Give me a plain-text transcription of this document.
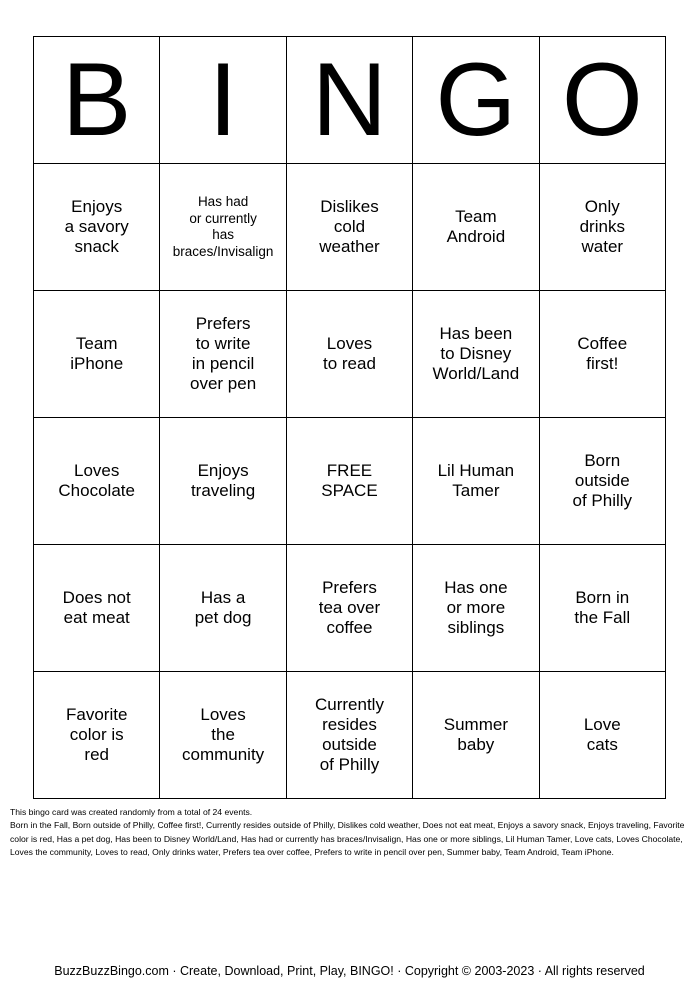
B	I	N	G	O

Enjoys
a savory
snack	Has had
or currently
has
braces/Invisalign	Dislikes
cold
weather	Team
Android	Only
drinks
water

Team
iPhone	Prefers
to write
in pencil
over pen	Loves
to read	Has been
to Disney
World/Land	Coffee
first!

Loves
Chocolate	Enjoys
traveling	FREE
SPACE	Lil Human
Tamer	Born
outside
of Philly

Does not
eat meat	Has a
pet dog	Prefers
tea over
coffee	Has one
or more
siblings	Born in
the Fall

Favorite
color is
red	Loves
the
community	Currently
resides
outside
of Philly	Summer
baby	Love
cats

This bingo card was created randomly from a total of 24 events.

Born in the Fall, Born outside of Philly, Coffee first!, Currently resides outside of Philly, Dislikes cold weather, Does not eat meat, Enjoys a savory snack, Enjoys traveling, Favorite color is red, Has a pet dog, Has been to Disney World/Land, Has had or currently has braces/Invisalign, Has one or more siblings, Lil Human Tamer, Love cats, Loves Chocolate, Loves the community, Loves to read, Only drinks water, Prefers tea over coffee, Prefers to write in pencil over pen, Summer baby, Team Android, Team iPhone.

BuzzBuzzBingo.com · Create, Download, Print, Play, BINGO! · Copyright © 2003-2023 · All rights reserved
